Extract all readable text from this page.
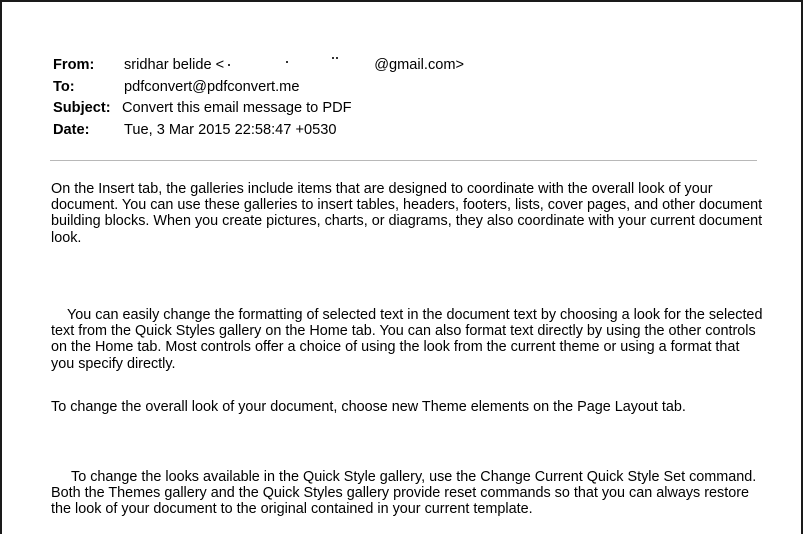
From:	sridhar belide <	@gmail.com>
To:	pdfconvert@pdfconvert.me
Subject: Convert this email message to PDF
Date:	Tue, 3 Mar 2015 22:58:47 +0530

On the Insert tab, the galleries include items that are designed to coordinate with the overall look of your document. You can use these galleries to insert tables, headers, footers, lists, cover pages, and other document building blocks. When you create pictures, charts, or diagrams, they also coordinate with your current document look.

You can easily change the formatting of selected text in the document text by choosing a look for the selected text from the Quick Styles gallery on the Home tab. You can also format text directly by using the other controls on the Home tab. Most controls offer a choice of using the look from the current theme or using a format that you specify directly.

To change the overall look of your document, choose new Theme elements on the Page Layout tab.

To change the looks available in the Quick Style gallery, use the Change Current Quick Style Set command. Both the Themes gallery and the Quick Styles gallery provide reset commands so that you can always restore the look of your document to the original contained in your current template.
